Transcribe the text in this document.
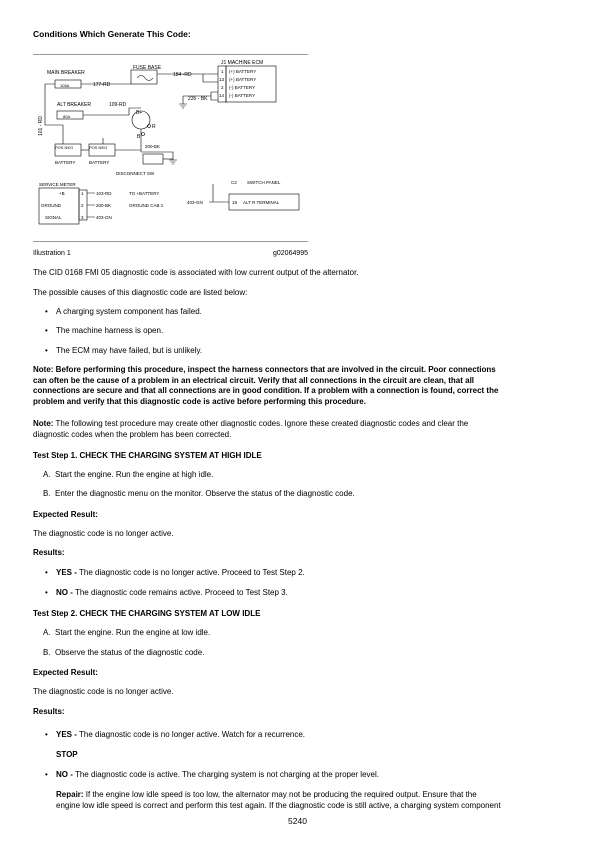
Conditions Which Generate This Code:
MAIN BREAKER
105A
FUSE BASE
J1 MACHINE ECM
1
13
2
14
(+) BATTERY
(+) BATTERY
(-) BATTERY
(-) BATTERY
184 -RD
177-RD
235 - BK
ALT BREAKER
80A
109-RD
101 - RD
B+
R
B
POS NEG	POS NEG
BATTERY	BATTERY
200-BK
DISCONNECT SW
C2 SWITCH PANEL
SERVICE METER
+B
GROUND
SIGNAL
1
2
3
103-RD
200-BK
403-GN
TO +BATTERY
GROUND CAB 1
403-GN	19 ALT R TERMINAL
Illustration 1	g02064995
The CID 0168 FMI 05 diagnostic code is associated with low current output of the alternator.
The possible causes of this diagnostic code are listed below:
• A charging system component has failed.
• The machine harness is open.
• The ECM may have failed, but is unlikely.
Note: Before performing this procedure, inspect the harness connectors that are involved in the circuit. Poor connections
can often be the cause of a problem in an electrical circuit. Verify that all connections in the circuit are clean, that all
connections are secure and that all connections are in good condition. If a problem with a connection is found, correct the
problem and verify that this diagnostic code is active before performing this procedure.
Note: The following test procedure may create other diagnostic codes. Ignore these created diagnostic codes and clear the
diagnostic codes when the problem has been corrected.
Test Step 1. CHECK THE CHARGING SYSTEM AT HIGH IDLE
A. Start the engine. Run the engine at high idle.
B. Enter the diagnostic menu on the monitor. Observe the status of the diagnostic code.
Expected Result:
The diagnostic code is no longer active.
Results:
• YES - The diagnostic code is no longer active. Proceed to Test Step 2.
• NO - The diagnostic code remains active. Proceed to Test Step 3.
Test Step 2. CHECK THE CHARGING SYSTEM AT LOW IDLE
A. Start the engine. Run the engine at low idle.
B. Observe the status of the diagnostic code.
Expected Result:
The diagnostic code is no longer active.
Results:
• YES - The diagnostic code is no longer active. Watch for a recurrence.
STOP
• NO - The diagnostic code is active. The charging system is not charging at the proper level.
Repair: If the engine low idle speed is too low, the alternator may not be producing the required output. Ensure that the
engine low idle speed is correct and perform this test again. If the diagnostic code is still active, a charging system component
5240
